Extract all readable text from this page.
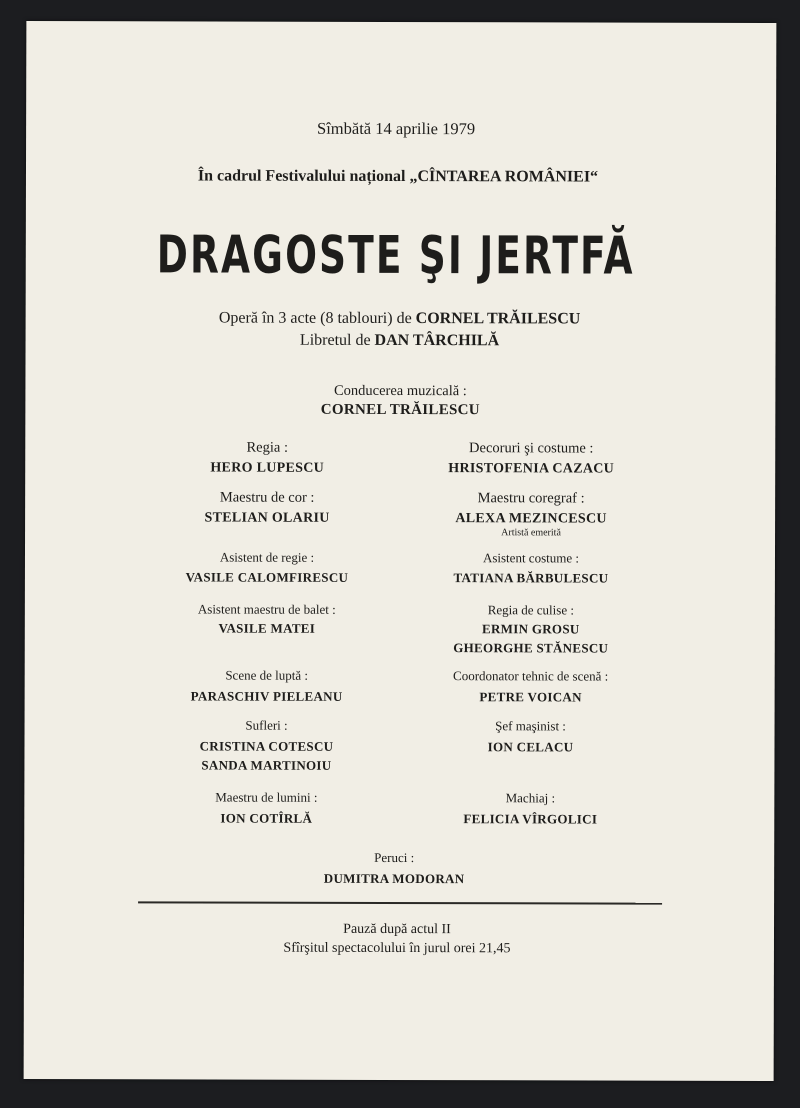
Sîmbătă 14 aprilie 1979
În cadrul Festivalului național „CÎNTAREA ROMÂNIEI“
DRAGOSTE ŞI JERTFĂ
Operă în 3 acte (8 tablouri) de CORNEL TRĂILESCU
Libretul de DAN TÂRCHILĂ
Conducerea muzicală :
CORNEL TRĂILESCU
Regia :
HERO LUPESCU
Decoruri şi costume :
HRISTOFENIA CAZACU
Maestru de cor :
STELIAN OLARIU
Maestru coregraf :
ALEXA MEZINCESCU
Artistă emerită
Asistent de regie :
VASILE CALOMFIRESCU
Asistent costume :
TATIANA BĂRBULESCU
Asistent maestru de balet :
VASILE MATEI
Regia de culise :
ERMIN GROSU
GHEORGHE STĂNESCU
Scene de luptă :
PARASCHIV PIELEANU
Coordonator tehnic de scenă :
PETRE VOICAN
Sufleri :
CRISTINA COTESCU
SANDA MARTINOIU
Şef maşinist :
ION CELACU
Maestru de lumini :
ION COTÎRLĂ
Machiaj :
FELICIA VÎRGOLICI
Peruci :
DUMITRA MODORAN
Pauză după actul II
Sfîrşitul spectacolului în jurul orei 21,45
